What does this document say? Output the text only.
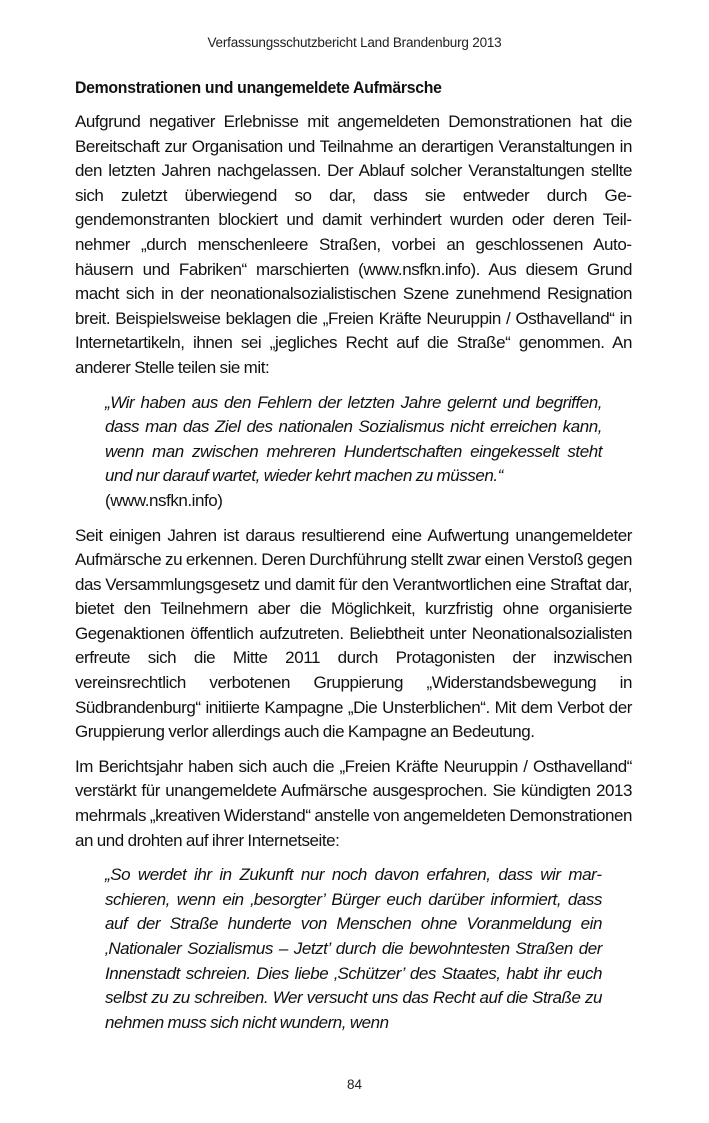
Verfassungsschutzbericht Land Brandenburg 2013
Demonstrationen und unangemeldete Aufmärsche

Aufgrund negativer Erlebnisse mit angemeldeten Demonstrationen hat die Bereitschaft zur Organisation und Teilnahme an derartigen Veranstaltungen in den letzten Jahren nachgelassen. Der Ablauf solcher Veranstaltungen stellte sich zuletzt überwiegend so dar, dass sie entweder durch Gegendemonstranten blockiert und damit verhindert wurden oder deren Teilnehmer „durch menschenleere Straßen, vorbei an geschlossenen Autohäusern und Fabriken“ marschierten (www.nsfkn.info). Aus diesem Grund macht sich in der neonationalsozialistischen Szene zunehmend Resignation breit. Beispielsweise beklagen die „Freien Kräfte Neuruppin / Osthavelland“ in Internetartikeln, ihnen sei „jegliches Recht auf die Straße“ genommen. An anderer Stelle teilen sie mit:

„Wir haben aus den Fehlern der letzten Jahre gelernt und begriffen, dass man das Ziel des nationalen Sozialismus nicht erreichen kann, wenn man zwischen mehreren Hundertschaften eingekesselt steht und nur darauf wartet, wieder kehrt machen zu müssen.“
(www.nsfkn.info)

Seit einigen Jahren ist daraus resultierend eine Aufwertung unangemeldeter Aufmärsche zu erkennen. Deren Durchführung stellt zwar einen Verstoß gegen das Versammlungsgesetz und damit für den Verantwortlichen eine Straftat dar, bietet den Teilnehmern aber die Möglichkeit, kurzfristig ohne organisierte Gegenaktionen öffentlich aufzutreten. Beliebtheit unter Neonationalsozialisten erfreute sich die Mitte 2011 durch Protagonisten der inzwischen vereinsrechtlich verbotenen Gruppierung „Widerstandsbewegung in Südbrandenburg“ initiierte Kampagne „Die Unsterblichen“. Mit dem Verbot der Gruppierung verlor allerdings auch die Kampagne an Bedeutung.

Im Berichtsjahr haben sich auch die „Freien Kräfte Neuruppin / Osthavelland“ verstärkt für unangemeldete Aufmärsche ausgesprochen. Sie kündigten 2013 mehrmals „kreativen Widerstand“ anstelle von angemeldeten Demonstrationen an und drohten auf ihrer Internetseite:

„So werdet ihr in Zukunft nur noch davon erfahren, dass wir marschieren, wenn ein ‚besorgter’ Bürger euch darüber informiert, dass auf der Straße hunderte von Menschen ohne Voranmeldung ein ‚Nationaler Sozialismus – Jetzt’ durch die bewohntesten Straßen der Innenstadt schreien. Dies liebe ‚Schützer’ des Staates, habt ihr euch selbst zu zu schreiben. Wer versucht uns das Recht auf die Straße zu nehmen muss sich nicht wundern, wenn
84
